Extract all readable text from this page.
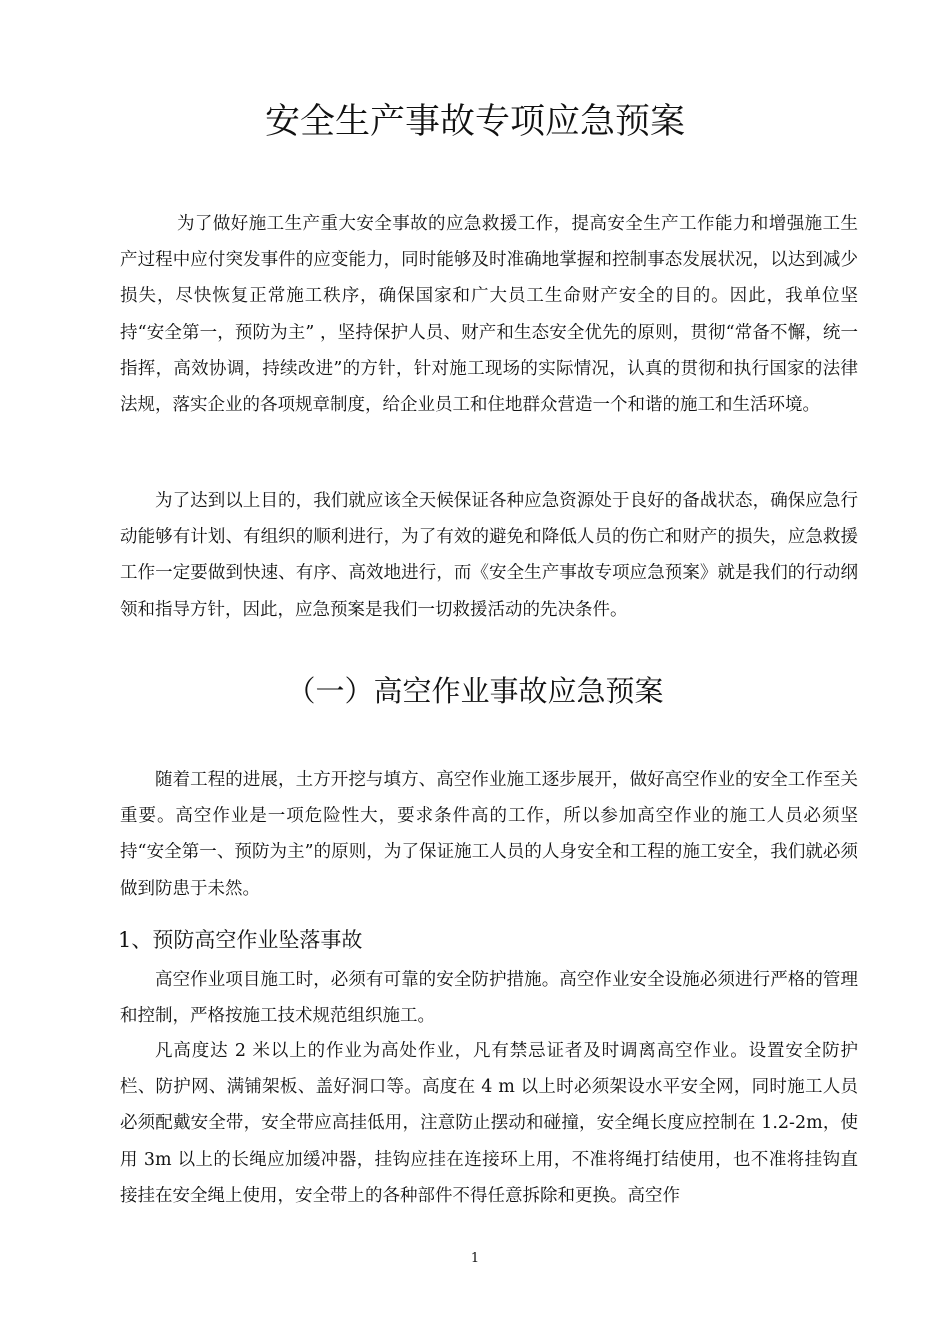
安全生产事故专项应急预案

为了做好施工生产重大安全事故的应急救援工作，提高安全生产工作能力和增强施工生产过程中应付突发事件的应变能力，同时能够及时准确地掌握和控制事态发展状况，以达到减少损失，尽快恢复正常施工秩序，确保国家和广大员工生命财产安全的目的。因此，我单位坚持“安全第一，预防为主” ，坚持保护人员、财产和生态安全优先的原则，贯彻“常备不懈，统一指挥，高效协调，持续改进”的方针，针对施工现场的实际情况，认真的贯彻和执行国家的法律法规，落实企业的各项规章制度，给企业员工和住地群众营造一个和谐的施工和生活环境。

为了达到以上目的，我们就应该全天候保证各种应急资源处于良好的备战状态，确保应急行动能够有计划、有组织的顺利进行，为了有效的避免和降低人员的伤亡和财产的损失，应急救援工作一定要做到快速、有序、高效地进行，而《安全生产事故专项应急预案》就是我们的行动纲领和指导方针，因此，应急预案是我们一切救援活动的先决条件。

（一）高空作业事故应急预案

随着工程的进展，土方开挖与填方、高空作业施工逐步展开，做好高空作业的安全工作至关重要。高空作业是一项危险性大，要求条件高的工作，所以参加高空作业的施工人员必须坚持“安全第一、预防为主”的原则，为了保证施工人员的人身安全和工程的施工安全，我们就必须做到防患于未然。

1、预防高空作业坠落事故

高空作业项目施工时，必须有可靠的安全防护措施。高空作业安全设施必须进行严格的管理和控制，严格按施工技术规范组织施工。

凡高度达 2 米以上的作业为高处作业，凡有禁忌证者及时调离高空作业。设置安全防护栏、防护网、满铺架板、盖好洞口等。高度在 4 m 以上时必须架设水平安全网，同时施工人员必须配戴安全带，安全带应高挂低用，注意防止摆动和碰撞，安全绳长度应控制在 1.2-2m，使用 3m 以上的长绳应加缓冲器，挂钩应挂在连接环上用，不准将绳打结使用，也不准将挂钩直接挂在安全绳上使用，安全带上的各种部件不得任意拆除和更换。高空作

1
